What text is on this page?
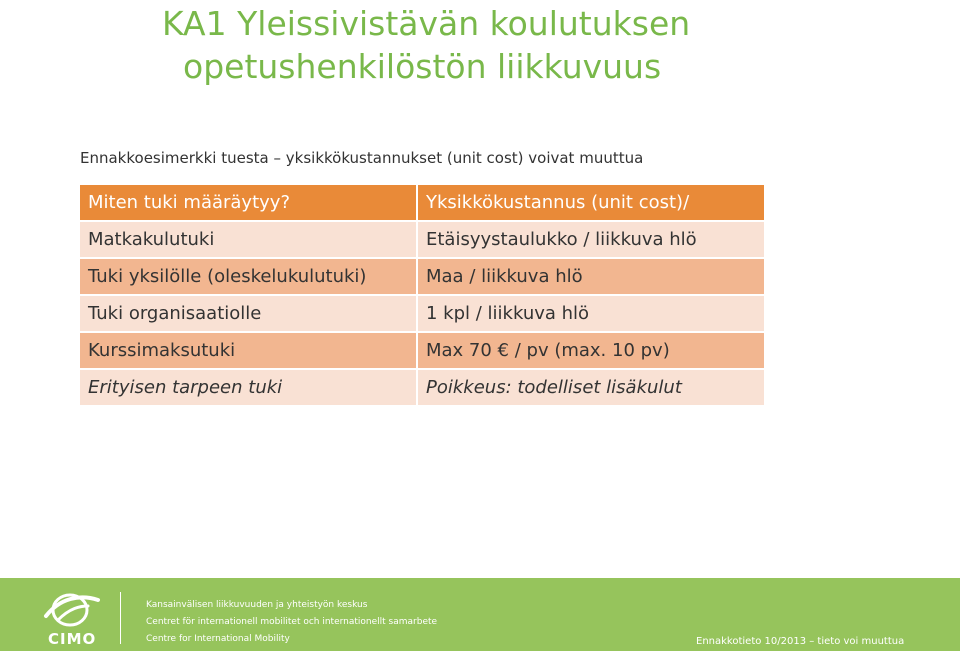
KA1 Yleissivistävän koulutuksen
opetushenkilöstön liikkuvuus
Ennakkoesimerkki tuesta – yksikkökustannukset (unit cost) voivat muuttua
Miten tuki määräytyy?	Yksikkökustannus (unit cost)/
Matkakulutuki	Etäisyystaulukko / liikkuva hlö
Tuki yksilölle (oleskelukulutuki)	Maa / liikkuva hlö
Tuki organisaatiolle	1 kpl / liikkuva hlö
Kurssimaksutuki	Max 70 € / pv (max. 10 pv)
Erityisen tarpeen tuki	Poikkeus: todelliset lisäkulut
CIMO
Kansainvälisen liikkuvuuden ja yhteistyön keskus
Centret för internationell mobilitet och internationellt samarbete
Centre for International Mobility	Ennakkotieto 10/2013 – tieto voi muuttua
